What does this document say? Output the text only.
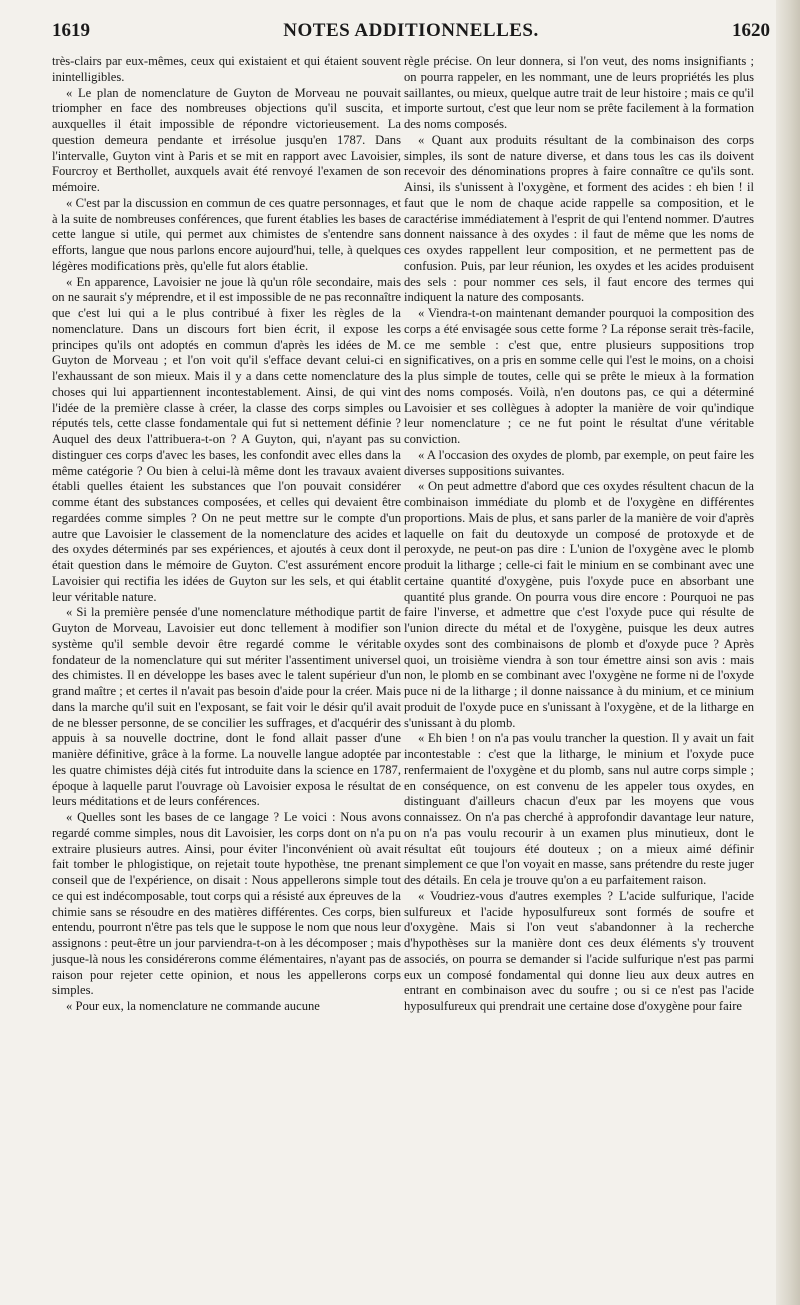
1619	NOTES ADDITIONNELLES.	1620

très-clairs par eux-mêmes, ceux qui existaient et qui étaient souvent inintelligibles.

« Le plan de nomenclature de Guyton de Morveau ne pouvait triompher en face des nombreuses objections qu'il suscita, et auxquelles il était impossible de répondre victorieusement. La question demeura pendante et irrésolue jusqu'en 1787. Dans l'intervalle, Guyton vint à Paris et se mit en rapport avec Lavoisier, Fourcroy et Berthollet, auxquels avait été renvoyé l'examen de son mémoire.

« C'est par la discussion en commun de ces quatre personnages, et à la suite de nombreuses conférences, que furent établies les bases de cette langue si utile, qui permet aux chimistes de s'entendre sans efforts, langue que nous parlons encore aujourd'hui, telle, à quelques légères modifications près, qu'elle fut alors établie.

« En apparence, Lavoisier ne joue là qu'un rôle secondaire, mais on ne saurait s'y méprendre, et il est impossible de ne pas reconnaître que c'est lui qui a le plus contribué à fixer les règles de la nomenclature. Dans un discours fort bien écrit, il expose les principes qu'ils ont adoptés en commun d'après les idées de M. Guyton de Morveau ; et l'on voit qu'il s'efface devant celui-ci en l'exhaussant de son mieux. Mais il y a dans cette nomenclature des choses qui lui appartiennent incontestablement. Ainsi, de qui vint l'idée de la première classe à créer, la classe des corps simples ou réputés tels, cette classe fondamentale qui fut si nettement définie ? Auquel des deux l'attribuera-t-on ? A Guyton, qui, n'ayant pas su distinguer ces corps d'avec les bases, les confondit avec elles dans la même catégorie ? Ou bien à celui-là même dont les travaux avaient établi quelles étaient les substances que l'on pouvait considérer comme étant des substances composées, et celles qui devaient être regardées comme simples ? On ne peut mettre sur le compte d'un autre que Lavoisier le classement de la nomenclature des acides et des oxydes déterminés par ses expériences, et ajoutés à ceux dont il était question dans le mémoire de Guyton. C'est assurément encore Lavoisier qui rectifia les idées de Guyton sur les sels, et qui établit leur véritable nature.

« Si la première pensée d'une nomenclature méthodique partit de Guyton de Morveau, Lavoisier eut donc tellement à modifier son système qu'il semble devoir être regardé comme le véritable fondateur de la nomenclature qui sut mériter l'assentiment universel des chimistes. Il en développe les bases avec le talent supérieur d'un grand maître ; et certes il n'avait pas besoin d'aide pour la créer. Mais dans la marche qu'il suit en l'exposant, se fait voir le désir qu'il avait de ne blesser personne, de se concilier les suffrages, et d'acquérir des appuis à sa nouvelle doctrine, dont le fond allait passer d'une manière définitive, grâce à la forme. La nouvelle langue adoptée par les quatre chimistes déjà cités fut introduite dans la science en 1787, époque à laquelle parut l'ouvrage où Lavoisier exposa le résultat de leurs méditations et de leurs conférences.

« Quelles sont les bases de ce langage ? Le voici : Nous avons regardé comme simples, nous dit Lavoisier, les corps dont on n'a pu extraire plusieurs autres. Ainsi, pour éviter l'inconvénient où avait fait tomber le phlogistique, on rejetait toute hypothèse, tne prenant conseil que de l'expérience, on disait : Nous appellerons simple tout ce qui est indécomposable, tout corps qui a résisté aux épreuves de la chimie sans se résoudre en des matières différentes. Ces corps, bien entendu, pourront n'être pas tels que le suppose le nom que nous leur assignons : peut-être un jour parviendra-t-on à les décomposer ; mais jusque-là nous les considérerons comme élémentaires, n'ayant pas de raison pour rejeter cette opinion, et nous les appellerons corps simples.

« Pour eux, la nomenclature ne commande aucune

règle précise. On leur donnera, si l'on veut, des noms insignifiants ; on pourra rappeler, en les nommant, une de leurs propriétés les plus saillantes, ou mieux, quelque autre trait de leur histoire ; mais ce qu'il importe surtout, c'est que leur nom se prête facilement à la formation des noms composés.

« Quant aux produits résultant de la combinaison des corps simples, ils sont de nature diverse, et dans tous les cas ils doivent recevoir des dénominations propres à faire connaître ce qu'ils sont. Ainsi, ils s'unissent à l'oxygène, et forment des acides : eh bien ! il faut que le nom de chaque acide rappelle sa composition, et le caractérise immédiatement à l'esprit de qui l'entend nommer. D'autres donnent naissance à des oxydes : il faut de même que les noms de ces oxydes rappellent leur composition, et ne permettent pas de confusion. Puis, par leur réunion, les oxydes et les acides produisent des sels : pour nommer ces sels, il faut encore des termes qui indiquent la nature des composants.

« Viendra-t-on maintenant demander pourquoi la composition des corps a été envisagée sous cette forme ? La réponse serait très-facile, ce me semble : c'est que, entre plusieurs suppositions trop significatives, on a pris en somme celle qui l'est le moins, on a choisi la plus simple de toutes, celle qui se prête le mieux à la formation des noms composés. Voilà, n'en doutons pas, ce qui a déterminé Lavoisier et ses collègues à adopter la manière de voir qu'indique leur nomenclature ; ce ne fut point le résultat d'une véritable conviction.

« A l'occasion des oxydes de plomb, par exemple, on peut faire les diverses suppositions suivantes.

« On peut admettre d'abord que ces oxydes résultent chacun de la combinaison immédiate du plomb et de l'oxygène en différentes proportions. Mais de plus, et sans parler de la manière de voir d'après laquelle on fait du deutoxyde un composé de protoxyde et de peroxyde, ne peut-on pas dire : L'union de l'oxygène avec le plomb produit la litharge ; celle-ci fait le minium en se combinant avec une certaine quantité d'oxygène, puis l'oxyde puce en absorbant une quantité plus grande. On pourra vous dire encore : Pourquoi ne pas faire l'inverse, et admettre que c'est l'oxyde puce qui résulte de l'union directe du métal et de l'oxygène, puisque les deux autres oxydes sont des combinaisons de plomb et d'oxyde puce ? Après quoi, un troisième viendra à son tour émettre ainsi son avis : mais non, le plomb en se combinant avec l'oxygène ne forme ni de l'oxyde puce ni de la litharge ; il donne naissance à du minium, et ce minium produit de l'oxyde puce en s'unissant à l'oxygène, et de la litharge en s'unissant à du plomb.

« Eh bien ! on n'a pas voulu trancher la question. Il y avait un fait incontestable : c'est que la litharge, le minium et l'oxyde puce renfermaient de l'oxygène et du plomb, sans nul autre corps simple ; en conséquence, on est convenu de les appeler tous oxydes, en distinguant d'ailleurs chacun d'eux par les moyens que vous connaissez. On n'a pas cherché à approfondir davantage leur nature, on n'a pas voulu recourir à un examen plus minutieux, dont le résultat eût toujours été douteux ; on a mieux aimé définir simplement ce que l'on voyait en masse, sans prétendre du reste juger des détails. En cela je trouve qu'on a eu parfaitement raison.

« Voudriez-vous d'autres exemples ? L'acide sulfurique, l'acide sulfureux et l'acide hyposulfureux sont formés de soufre et d'oxygène. Mais si l'on veut s'abandonner à la recherche d'hypothèses sur la manière dont ces deux éléments s'y trouvent associés, on pourra se demander si l'acide sulfurique n'est pas parmi eux un composé fondamental qui donne lieu aux deux autres en entrant en combinaison avec du soufre ; ou si ce n'est pas l'acide hyposulfureux qui prendrait une certaine dose d'oxygène pour faire
